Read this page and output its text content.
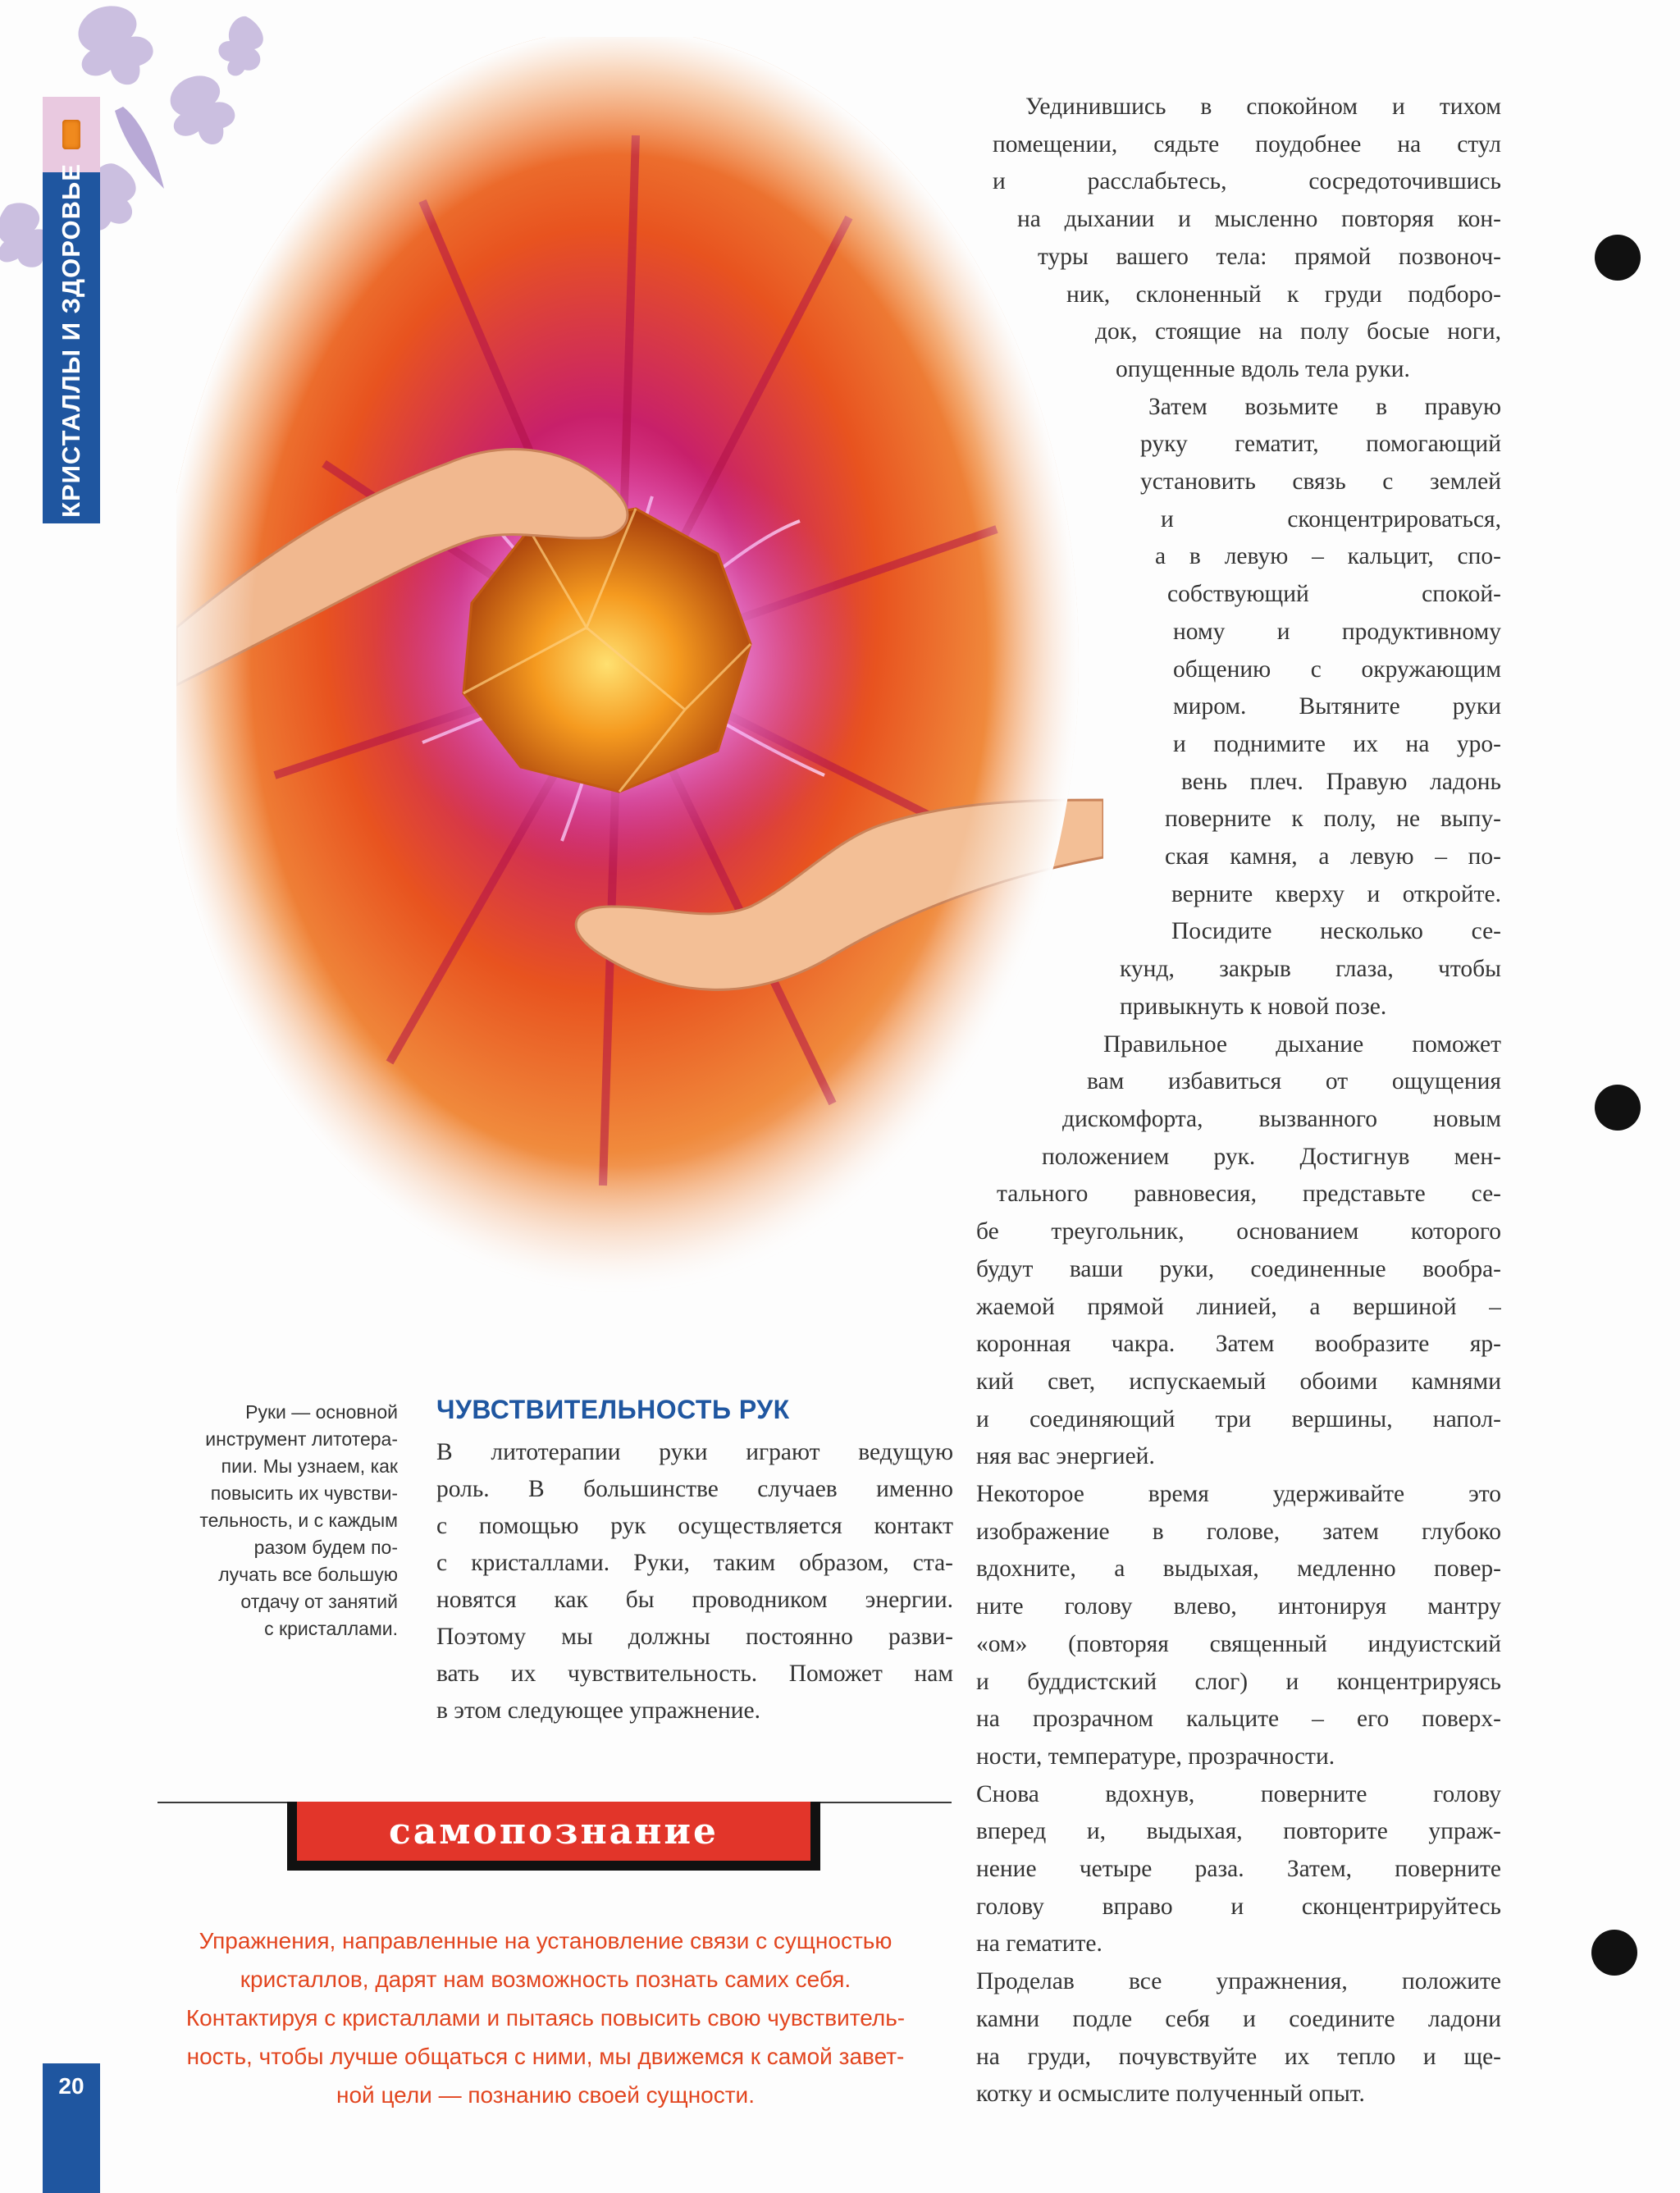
КРИСТАЛЛЫ И ЗДОРОВЬЕ
20
Уединившись в спокойном и тихом
помещении, сядьте поудобнее на стул
и расслабьтесь, сосредоточившись
на дыхании и мысленно повторяя кон-
туры вашего тела: прямой позвоноч-
ник, склоненный к груди подборо-
док, стоящие на полу босые ноги,
опущенные вдоль тела руки.
Затем возьмите в правую
руку гематит, помогающий
установить связь с землей
и сконцентрироваться,
а в левую – кальцит, спо-
собствующий спокой-
ному и продуктивному
общению с окружающим
миром. Вытяните руки
и поднимите их на уро-
вень плеч. Правую ладонь
поверните к полу, не выпу-
ская камня, а левую – по-
верните кверху и откройте.
Посидите несколько се-
кунд, закрыв глаза, чтобы
привыкнуть к новой позе.
Правильное дыхание поможет
вам избавиться от ощущения
дискомфорта, вызванного новым
положением рук. Достигнув мен-
тального равновесия, представьте се-
бе треугольник, основанием которого
будут ваши руки, соединенные вообра-
жаемой прямой линией, а вершиной –
коронная чакра. Затем вообразите яр-
кий свет, испускаемый обоими камнями
и соединяющий три вершины, напол-
няя вас энергией.
Некоторое время удерживайте это
изображение в голове, затем глубоко
вдохните, а выдыхая, медленно повер-
ните голову влево, интонируя мантру
«ом» (повторяя священный индуистский
и буддистский слог) и концентрируясь
на прозрачном кальците – его поверх-
ности, температуре, прозрачности.
Снова вдохнув, поверните голову
вперед и, выдыхая, повторите упраж-
нение четыре раза. Затем, поверните
голову вправо и сконцентрируйтесь
на гематите.
Проделав все упражнения, положите
камни подле себя и соедините ладони
на груди, почувствуйте их тепло и ще-
котку и осмыслите полученный опыт.
Руки — основной
инструмент литотера-
пии. Мы узнаем, как
повысить их чувстви-
тельность, и с каждым
разом будем по-
лучать все большую
отдачу от занятий
с кристаллами.
ЧУВСТВИТЕЛЬНОСТЬ РУК
В литотерапии руки играют ведущую
роль. В большинстве случаев именно
с помощью рук осуществляется контакт
с кристаллами. Руки, таким образом, ста-
новятся как бы проводником энергии.
Поэтому мы должны постоянно разви-
вать их чувствительность. Поможет нам
в этом следующее упражнение.
самопознание
Упражнения, направленные на установление связи с сущностью
кристаллов, дарят нам возможность познать самих себя.
Контактируя с кристаллами и пытаясь повысить свою чувствитель-
ность, чтобы лучше общаться с ними, мы движемся к самой завет-
ной цели — познанию своей сущности.
